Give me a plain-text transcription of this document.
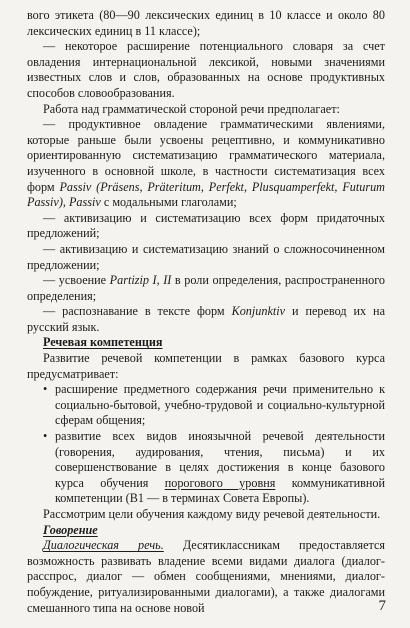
вого этикета (80—90 лексических единиц в 10 классе и около 80 лексических единиц в 11 классе);

— некоторое расширение потенциального словаря за счет овладения интернациональной лексикой, новыми значениями известных слов и слов, образованных на основе продуктивных способов словообразования.

Работа над грамматической стороной речи предполагает:

— продуктивное овладение грамматическими явлениями, которые раньше были усвоены рецептивно, и коммуникативно ориентированную систематизацию грамматического материала, изученного в основной школе, в частности систематизация всех форм Passiv (Präsens, Präteritum, Perfekt, Plusquamperfekt, Futurum Passiv), Passiv с модальными глаголами;

— активизацию и систематизацию всех форм придаточных предложений;

— активизацию и систематизацию знаний о сложносочиненном предложении;

— усвоение Partizip I, II в роли определения, распространенного определения;

— распознавание в тексте форм Konjunktiv и перевод их на русский язык.

Речевая компетенция

Развитие речевой компетенции в рамках базового курса предусматривает:

• расширение предметного содержания речи применительно к социально-бытовой, учебно-трудовой и социально-культурной сферам общения;

• развитие всех видов иноязычной речевой деятельности (говорения, аудирования, чтения, письма) и их совершенствование в целях достижения в конце базового курса обучения порогового уровня коммуникативной компетенции (B1 — в терминах Совета Европы).

Рассмотрим цели обучения каждому виду речевой деятельности.

Говорение

Диалогическая речь. Десятиклассникам предоставляется возможность развивать владение всеми видами диалога (диалог-расспрос, диалог — обмен сообщениями, мнениями, диалог-побуждение, ритуализированными диалогами), а также диалогами смешанного типа на основе новой	7
